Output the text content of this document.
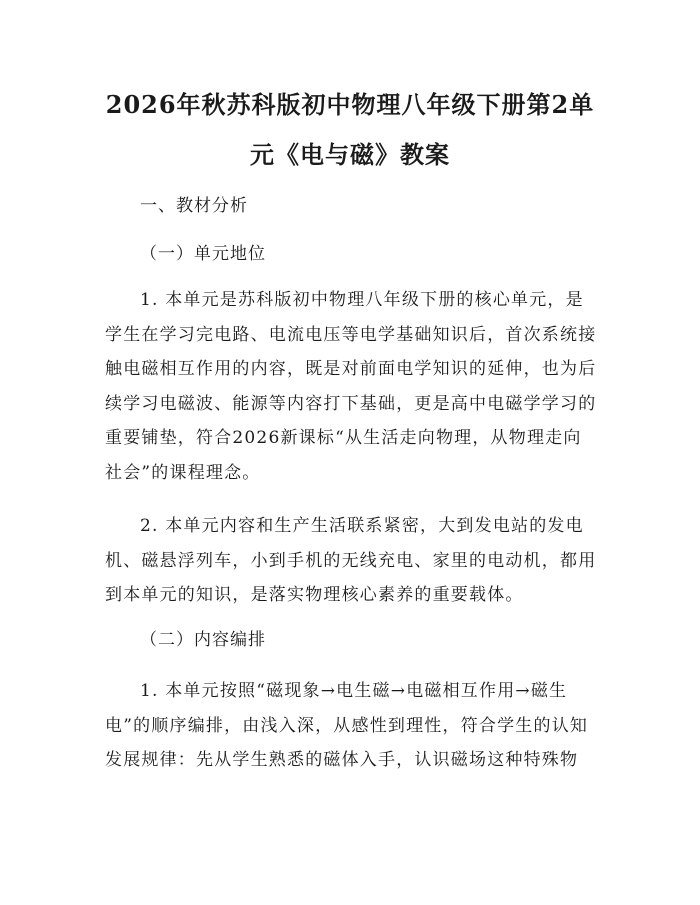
2026年秋苏科版初中物理八年级下册第2单
元《电与磁》教案
一、教材分析
（一）单元地位
1. 本单元是苏科版初中物理八年级下册的核心单元，是
学生在学习完电路、电流电压等电学基础知识后，首次系统接
触电磁相互作用的内容，既是对前面电学知识的延伸，也为后
续学习电磁波、能源等内容打下基础，更是高中电磁学学习的
重要铺垫，符合2026新课标“从生活走向物理，从物理走向
社会”的课程理念。
2. 本单元内容和生产生活联系紧密，大到发电站的发电
机、磁悬浮列车，小到手机的无线充电、家里的电动机，都用
到本单元的知识，是落实物理核心素养的重要载体。
（二）内容编排
1. 本单元按照“磁现象→电生磁→电磁相互作用→磁生
电”的顺序编排，由浅入深，从感性到理性，符合学生的认知
发展规律：先从学生熟悉的磁体入手，认识磁场这种特殊物
